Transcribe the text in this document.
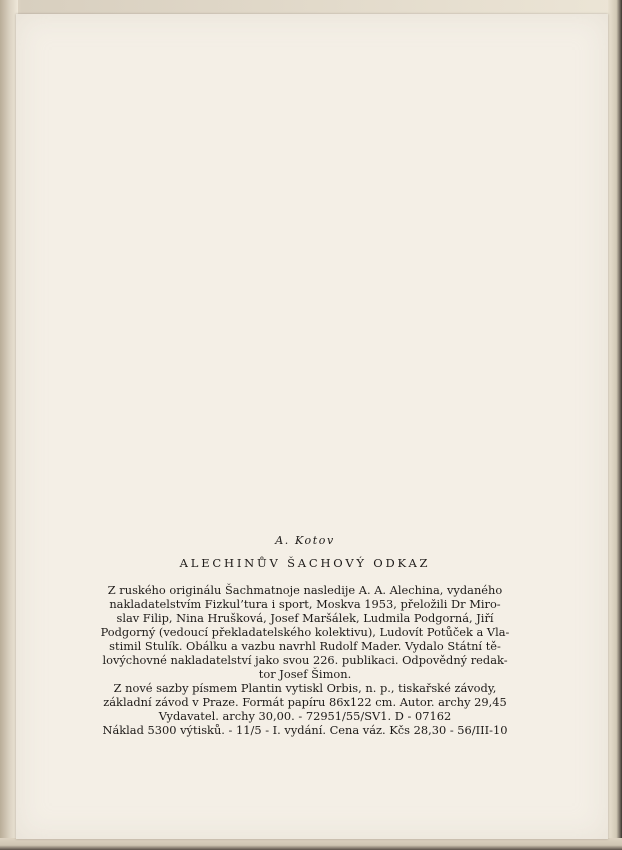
A. Kotov

ALECHINŮV ŠACHOVÝ ODKAZ

Z ruského originálu Šachmatnoje naslediје A. A. Alechina, vydaného
nakladatelstvím Fizkul’tura i sport, Moskva 1953, přeložili Dr Miro-
slav Filip, Nina Hrušková, Josef Maršálek, Ludmila Podgorná, Jiří
Podgorný (vedoucí překladatelského kolektivu), Ludovít Potůček a Vla-
stimil Stulík. Obálku a vazbu navrhl Rudolf Mader. Vydalo Státní tě-
lovýchovné nakladatelství jako svou 226. publikaci. Odpovědný redak-
tor Josef Šimon.
Z nové sazby písmem Plantin vytiskl Orbis, n. p., tiskařské závody,
základní závod v Praze. Formát papíru 86x122 cm. Autor. archy 29,45
Vydavatel. archy 30,00. - 72951/55/SV1. D - 07162
Náklad 5300 výtisků. - 11/5 - I. vydání. Cena váz. Kčs 28,30 - 56/III-10
